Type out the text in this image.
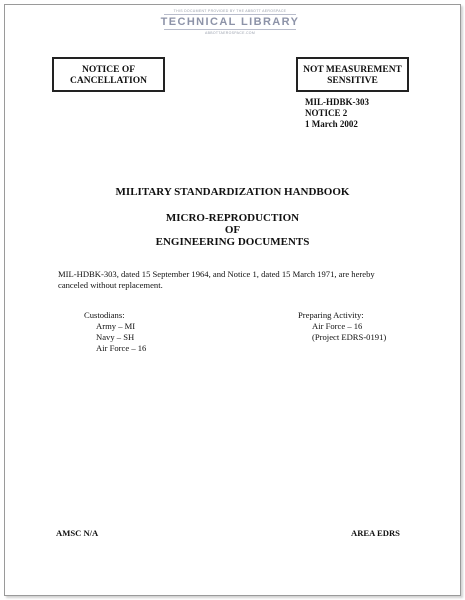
THIS DOCUMENT PROVIDED BY THE ABBOTT AEROSPACE
TECHNICAL LIBRARY
ABBOTTAEROSPACE.COM
NOTICE OF
CANCELLATION
NOT MEASUREMENT
SENSITIVE
MIL-HDBK-303
NOTICE 2
1 March 2002
MILITARY STANDARDIZATION HANDBOOK
MICRO-REPRODUCTION
OF
ENGINEERING DOCUMENTS
MIL-HDBK-303, dated 15 September 1964, and Notice 1, dated 15 March 1971, are hereby
canceled without replacement.
Custodians:
Army – MI
Navy – SH
Air Force – 16
Preparing Activity:
Air Force – 16
(Project EDRS-0191)
AMSC N/A	AREA EDRS
